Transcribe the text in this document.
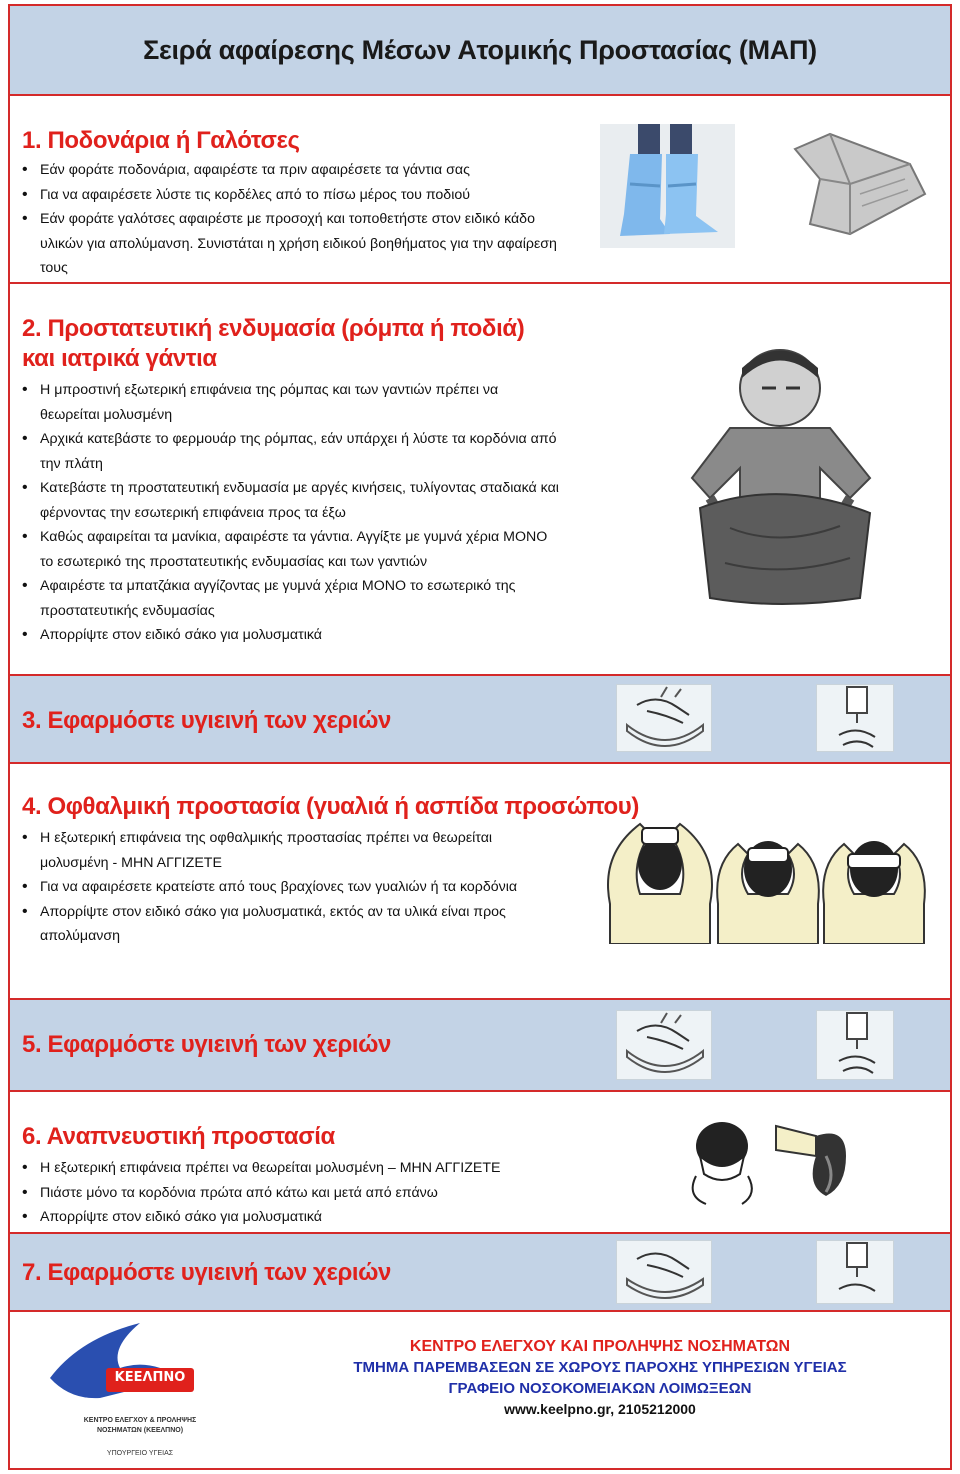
Σειρά αφαίρεσης Μέσων Ατομικής Προστασίας (ΜΑΠ)
1. Ποδονάρια ή Γαλότσες
• Εάν φοράτε ποδονάρια, αφαιρέστε τα πριν αφαιρέσετε τα γάντια σας
• Για να αφαιρέσετε λύστε τις κορδέλες από το πίσω μέρος του ποδιού
• Εάν φοράτε γαλότσες αφαιρέστε με προσοχή και τοποθετήστε στον ειδικό κάδο υλικών για απολύμανση. Συνιστάται η χρήση ειδικού βοηθήματος για την αφαίρεση τους
2. Προστατευτική ενδυμασία (ρόμπα ή ποδιά) και ιατρικά γάντια
• Η μπροστινή εξωτερική επιφάνεια της ρόμπας και των γαντιών πρέπει να θεωρείται μολυσμένη
• Αρχικά κατεβάστε το φερμουάρ της ρόμπας, εάν υπάρχει ή λύστε τα κορδόνια από την πλάτη
• Κατεβάστε τη προστατευτική ενδυμασία με αργές κινήσεις, τυλίγοντας σταδιακά και φέρνοντας την εσωτερική επιφάνεια προς τα έξω
• Καθώς αφαιρείται τα μανίκια, αφαιρέστε τα γάντια. Αγγίξτε με γυμνά χέρια ΜΟΝΟ το εσωτερικό της προστατευτικής ενδυμασίας και των γαντιών
• Αφαιρέστε τα μπατζάκια αγγίζοντας με γυμνά χέρια ΜΟΝΟ το εσωτερικό της προστατευτικής ενδυμασίας
• Απορρίψτε στον ειδικό σάκο για μολυσματικά
3. Εφαρμόστε υγιεινή των χεριών
4. Οφθαλμική προστασία (γυαλιά ή ασπίδα προσώπου)
• Η εξωτερική επιφάνεια της οφθαλμικής προστασίας πρέπει να θεωρείται μολυσμένη - ΜΗΝ ΑΓΓΙΖΕΤΕ
• Για να αφαιρέσετε κρατείστε από τους βραχίονες των γυαλιών ή τα κορδόνια
• Απορρίψτε στον ειδικό σάκο για μολυσματικά, εκτός αν τα υλικά είναι προς απολύμανση
5. Εφαρμόστε υγιεινή των χεριών
6. Αναπνευστική προστασία
• Η εξωτερική επιφάνεια πρέπει να θεωρείται μολυσμένη – ΜΗΝ ΑΓΓΙΖΕΤΕ
• Πιάστε μόνο τα κορδόνια πρώτα από κάτω και μετά από επάνω
• Απορρίψτε στον ειδικό σάκο για μολυσματικά
7. Εφαρμόστε υγιεινή των χεριών
ΚΕΕΛΠΝΟ
ΚΕΝΤΡΟ ΕΛΕΓΧΟΥ & ΠΡΟΛΗΨΗΣ ΝΟΣΗΜΑΤΩΝ (ΚΕΕΛΠΝΟ)
ΥΠΟΥΡΓΕΙΟ ΥΓΕΙΑΣ
ΚΕΝΤΡΟ ΕΛΕΓΧΟΥ ΚΑΙ ΠΡΟΛΗΨΗΣ ΝΟΣΗΜΑΤΩΝ
ΤΜΗΜΑ ΠΑΡΕΜΒΑΣΕΩΝ ΣΕ ΧΩΡΟΥΣ ΠΑΡΟΧΗΣ ΥΠΗΡΕΣΙΩΝ ΥΓΕΙΑΣ
ΓΡΑΦΕΙΟ ΝΟΣΟΚΟΜΕΙΑΚΩΝ ΛΟΙΜΩΞΕΩΝ
www.keelpno.gr, 2105212000
